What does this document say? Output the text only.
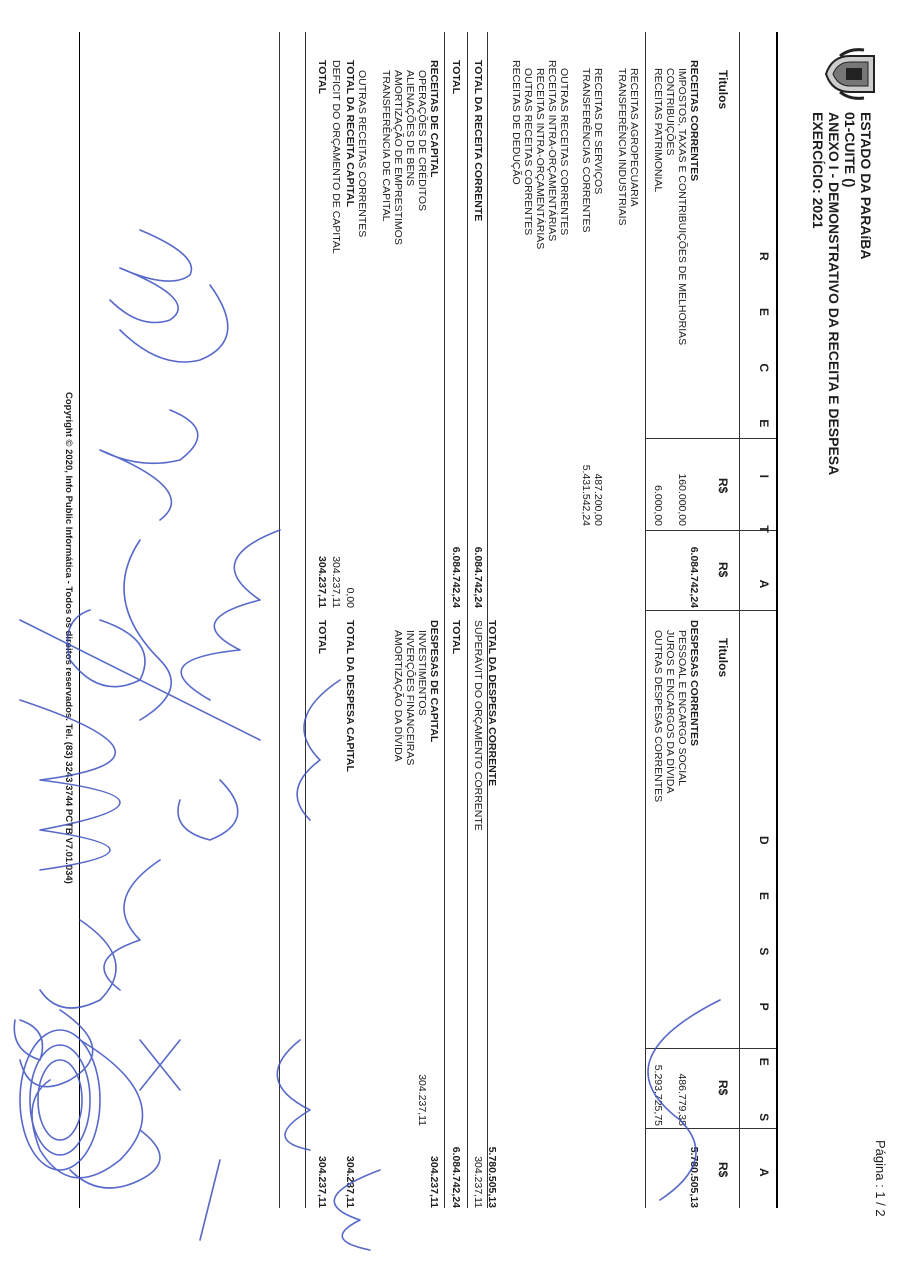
Página : 1 / 2
ESTADO DA PARAíBA
01-CUITE ()
ANEXO I - DEMONSTRATIVO DA RECEITA E DESPESA
EXERCÍCIO: 2021
R E C E I T A
D E S P E S A
Titulos
R$
R$
Titulos
R$
R$
RECEITAS CORRENTES
6.084.742,24
IMPOSTOS, TAXAS E CONTRIBUIÇÕES DE MELHORIAS
160.000,00
CONTRIBUIÇÕES
RECEITAS PATRIMONIAL
6.000,00
RECEITAS AGROPECUARIA
TRANSFERÊNCIA INDUSTRIAIS
RECEITAS DE SERVIÇOS
487.200,00
TRANSFERÊNCIAS CORRENTES
5.431.542,24
OUTRAS RECEITAS CORRENTES
RECEITAS INTRA-ORÇAMENTÁRIAS
RECEITAS INTRA-ORÇAMENTÁRIAS
OUTRAS RECEITAS CORRENTES
RECEITAS DE DEDUÇÃO
TOTAL DA RECEITA CORRENTE
6.084.742,24
TOTAL
6.084.742,24
RECEITAS DE CAPITAL
OPERAÇÕES DE CRÉDITOS
ALIENAÇÕES DE BENS
AMORTIZAÇÃO DE EMPRESTIMOS
TRANSFERÊNCIA DE CAPITAL
OUTRAS RECEITAS CORRENTES
TOTAL DA RECEITA CAPITAL
0,00
DEFICIT DO ORÇAMENTO DE CAPITAL
304.237,11
TOTAL
304.237,11
DESPESAS CORRENTES
5.780.505,13
PESSOAL E ENCARGO SOCIAL
486.779,38
JUROS E ENCARGOS DA DÍVIDA
OUTRAS DESPESAS CORRENTES
5.293.725,75
TOTAL DA DESPESA CORRENTE
5.780.505,13
SUPERÁVIT DO ORÇAMENTO CORRENTE
304.237,11
TOTAL
6.084.742,24
DESPESAS DE CAPITAL
304.237,11
INVESTIMENTOS
304.237,11
INVERÇÕES FINANCEIRAS
AMORTIZAÇÃO DA DÍVIDA
TOTAL DA DESPESA CAPITAL
304.237,11
TOTAL
304.237,11
Copyright © 2020, Info Public Informática - Todos os direitos reservados. Tel. (83) 3243 3744 PCTB V7.01.034)
